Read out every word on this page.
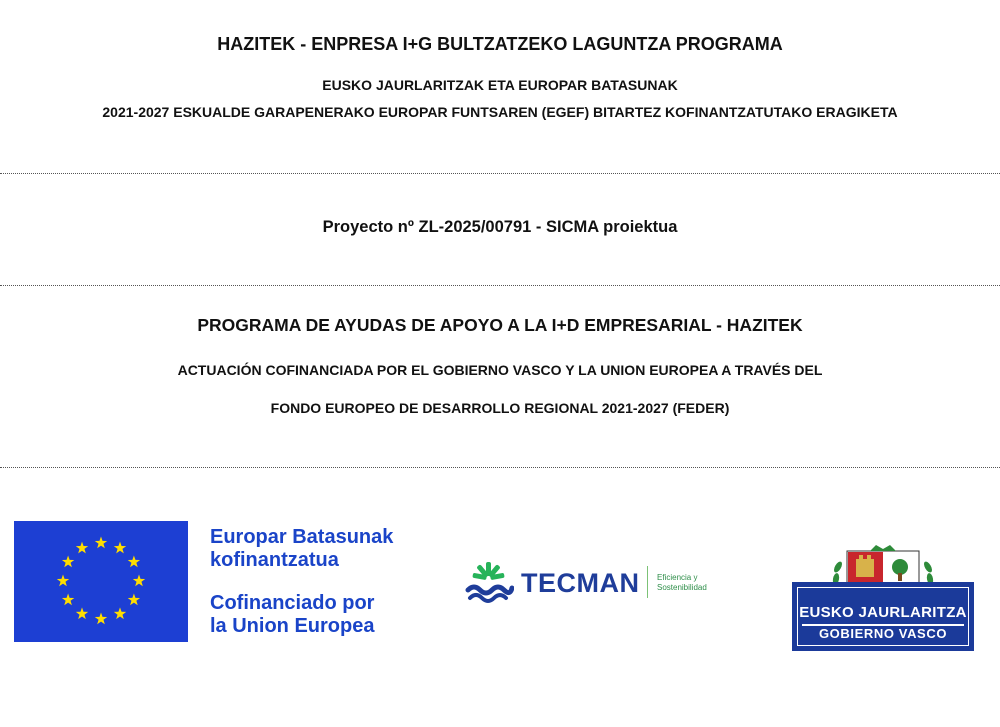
HAZITEK - ENPRESA I+G BULTZATZEKO LAGUNTZA PROGRAMA
EUSKO JAURLARITZAK ETA EUROPAR BATASUNAK
2021-2027 ESKUALDE GARAPENERAKO EUROPAR FUNTSAREN (EGEF) BITARTEZ KOFINANTZATUTAKO ERAGIKETA
Proyecto nº ZL-2025/00791 - SICMA proiektua
PROGRAMA DE AYUDAS DE APOYO A LA I+D EMPRESARIAL - HAZITEK
ACTUACIÓN COFINANCIADA POR EL GOBIERNO VASCO Y LA UNION EUROPEA A TRAVÉS DEL
FONDO EUROPEO DE DESARROLLO REGIONAL 2021-2027 (FEDER)
Europar Batasunak
kofinantzatua
Cofinanciado por
la Union Europea
TECMAN Eficiencia y
Sostenibilidad
EUSKO JAURLARITZA
GOBIERNO VASCO
